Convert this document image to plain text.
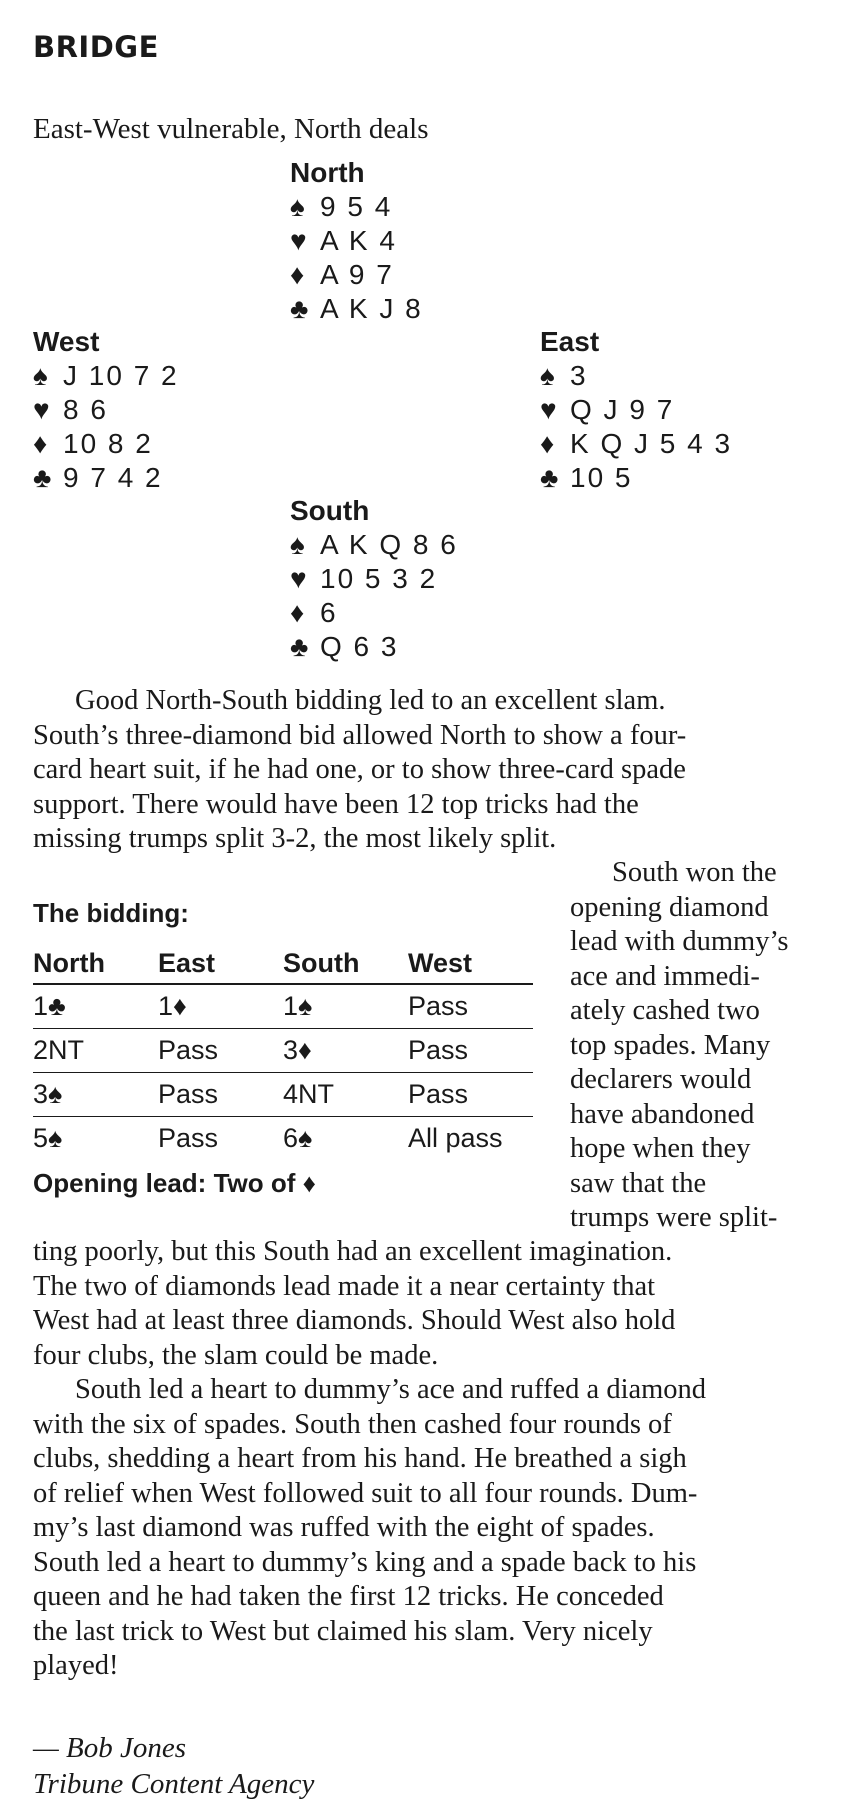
BRIDGE
East-West vulnerable, North deals
North
♠ 9 5 4
♥ A K 4
♦ A 9 7
♣ A K J 8
West
♠ J 10 7 2
♥ 8 6
♦ 10 8 2
♣ 9 7 4 2
East
♠ 3
♥ Q J 9 7
♦ K Q J 5 4 3
♣ 10 5
South
♠ A K Q 8 6
♥ 10 5 3 2
♦ 6
♣ Q 6 3
Good North-South bidding led to an excellent slam.
South’s three-diamond bid allowed North to show a four-
card heart suit, if he had one, or to show three-card spade
support. There would have been 12 top tricks had the
missing trumps split 3-2, the most likely split.
The bidding:
North	East	South	West
1♣	1♦	1♠	Pass
2NT	Pass	3♦	Pass
3♠	Pass	4NT	Pass
5♠	Pass	6♠	All pass
Opening lead: Two of ♦
South won the
opening diamond
lead with dummy’s
ace and immedi-
ately cashed two
top spades. Many
declarers would
have abandoned
hope when they
saw that the
trumps were split-
ting poorly, but this South had an excellent imagination.
The two of diamonds lead made it a near certainty that
West had at least three diamonds. Should West also hold
four clubs, the slam could be made.
South led a heart to dummy’s ace and ruffed a diamond
with the six of spades. South then cashed four rounds of
clubs, shedding a heart from his hand. He breathed a sigh
of relief when West followed suit to all four rounds. Dum-
my’s last diamond was ruffed with the eight of spades.
South led a heart to dummy’s king and a spade back to his
queen and he had taken the first 12 tricks. He conceded
the last trick to West but claimed his slam. Very nicely
played!
— Bob Jones
Tribune Content Agency
